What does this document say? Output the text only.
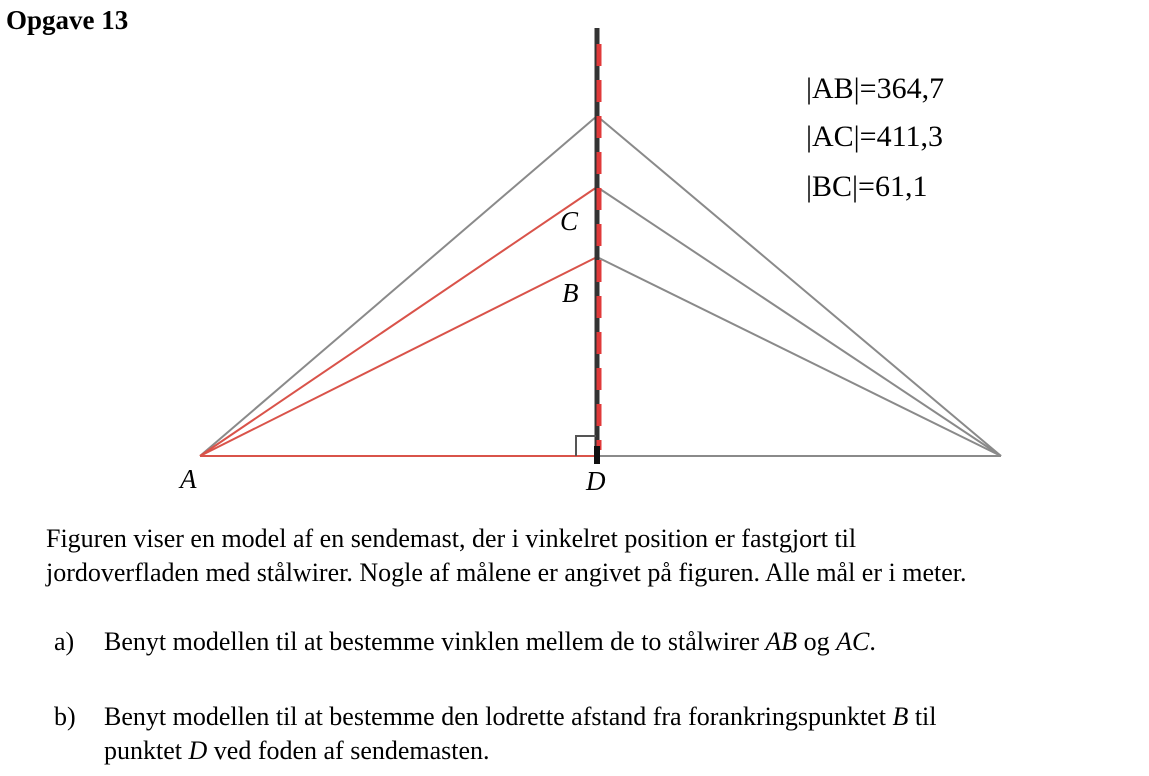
Opgave 13
C
B
A	D
|AB|=364,7
|AC|=411,3
|BC|=61,1

Figuren viser en model af en sendemast, der i vinkelret position er fastgjort til

jordoverfladen med stålwirer. Nogle af målene er angivet på figuren. Alle mål er i meter.

a) Benyt modellen til at bestemme vinklen mellem de to stålwirer AB og AC.
b) Benyt modellen til at bestemme den lodrette afstand fra forankringspunktet B til
punktet D ved foden af sendemasten.
